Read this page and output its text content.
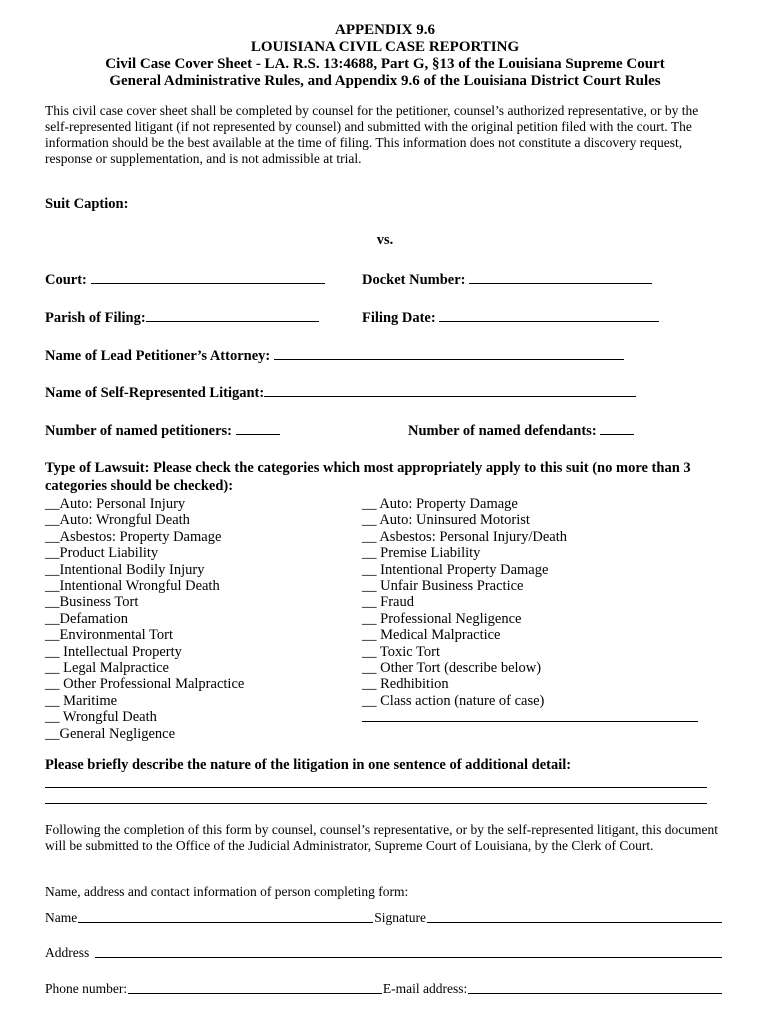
APPENDIX 9.6
LOUISIANA CIVIL CASE REPORTING
Civil Case Cover Sheet - LA. R.S. 13:4688, Part G, §13 of the Louisiana Supreme Court
General Administrative Rules, and Appendix 9.6 of the Louisiana District Court Rules
This civil case cover sheet shall be completed by counsel for the petitioner, counsel’s authorized representative, or by the self-represented litigant (if not represented by counsel) and submitted with the original petition filed with the court. The information should be the best available at the time of filing. This information does not constitute a discovery request, response or supplementation, and is not admissible at trial.
Suit Caption:
vs.
Court:	Docket Number:
Parish of Filing:	Filing Date:
Name of Lead Petitioner’s Attorney:
Name of Self-Represented Litigant:
Number of named petitioners:	Number of named defendants:
Type of Lawsuit: Please check the categories which most appropriately apply to this suit (no more than 3 categories should be checked):
__Auto: Personal Injury
__Auto: Wrongful Death
__Asbestos: Property Damage
__Product Liability
__Intentional Bodily Injury
__Intentional Wrongful Death
__Business Tort
__Defamation
__Environmental Tort
__ Intellectual Property
__ Legal Malpractice
__ Other Professional Malpractice
__ Maritime
__ Wrongful Death
__General Negligence
__ Auto: Property Damage
__ Auto: Uninsured Motorist
__ Asbestos: Personal Injury/Death
__ Premise Liability
__ Intentional Property Damage
__ Unfair Business Practice
__ Fraud
__ Professional Negligence
__ Medical Malpractice
__ Toxic Tort
__ Other Tort (describe below)
__ Redhibition
__ Class action (nature of case)
Please briefly describe the nature of the litigation in one sentence of additional detail:
Following the completion of this form by counsel, counsel’s representative, or by the self-represented litigant, this document will be submitted to the Office of the Judicial Administrator, Supreme Court of Louisiana, by the Clerk of Court.
Name, address and contact information of person completing form:
Name	Signature
Address
Phone number:	E-mail address:
